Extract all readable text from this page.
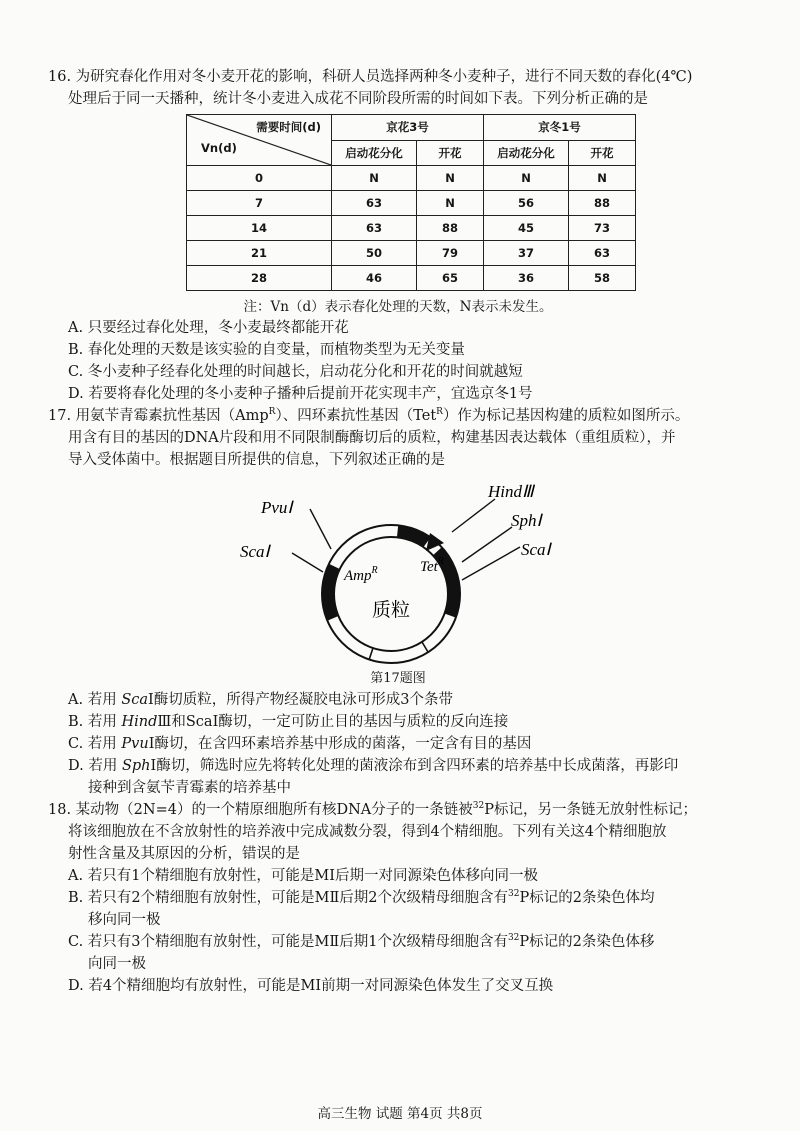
16. 为研究春化作用对冬小麦开花的影响，科研人员选择两种冬小麦种子，进行不同天数的春化(4℃)
处理后于同一天播种，统计冬小麦进入成花不同阶段所需的时间如下表。下列分析正确的是
需要时间(d)
Vn(d)	京花3号		京冬1号	
	启动花分化	开花	启动花分化	开花
0	N	N	N	N
7	63	N	56	88
14	63	88	45	73
21	50	79	37	63
28	46	65	36	58
注：Vn（d）表示春化处理的天数，N表示未发生。
A. 只要经过春化处理，冬小麦最终都能开花
B. 春化处理的天数是该实验的自变量，而植物类型为无关变量
C. 冬小麦种子经春化处理的时间越长，启动花分化和开花的时间就越短
D. 若要将春化处理的冬小麦种子播种后提前开花实现丰产，宜选京冬1号
17. 用氨苄青霉素抗性基因（Amp$^R$）、四环素抗性基因（Tet$^R$）作为标记基因构建的质粒如图所示。
用含有目的基因的DNA片段和用不同限制酶酶切后的质粒，构建基因表达载体（重组质粒），并
导入受体菌中。根据题目所提供的信息，下列叙述正确的是
PvuⅠ
ScaⅠ
Amp$^R$	Tet$^R$
HindⅢ
SphⅠ
ScaⅠ
质粒
第17题图
A. 若用 ScaⅠ酶切质粒，所得产物经凝胶电泳可形成3个条带
B. 若用 HindⅢ和ScaⅠ酶切，一定可防止目的基因与质粒的反向连接
C. 若用 PvuⅠ酶切，在含四环素培养基中形成的菌落，一定含有目的基因
D. 若用 SphⅠ酶切，筛选时应先将转化处理的菌液涂布到含四环素的培养基中长成菌落，再影印
接种到含氨苄青霉素的培养基中
18. 某动物（2N=4）的一个精原细胞所有核DNA分子的一条链被$^{32}$P标记，另一条链无放射性标记；
将该细胞放在不含放射性的培养液中完成减数分裂，得到4个精细胞。下列有关这4个精细胞放
射性含量及其原因的分析，错误的是
A. 若只有1个精细胞有放射性，可能是MⅠ后期一对同源染色体移向同一极
B. 若只有2个精细胞有放射性，可能是MⅡ后期2个次级精母细胞含有$^{32}$P标记的2条染色体均
移向同一极
C. 若只有3个精细胞有放射性，可能是MⅡ后期1个次级精母细胞含有$^{32}$P标记的2条染色体移
向同一极
D. 若4个精细胞均有放射性，可能是MⅠ前期一对同源染色体发生了交叉互换
高三生物 试题 第4页 共8页
